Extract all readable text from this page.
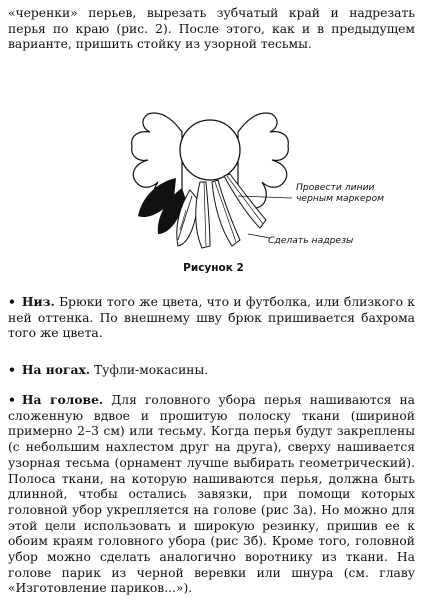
«черенки» перьев, вырезать зубчатый край и надрезать перья по краю (рис. 2). После этого, как и в предыдущем варианте, пришить стойку из узорной тесьмы.

Провести линии
черным маркером
Сделать надрезы
Рисунок 2

• Низ. Брюки того же цвета, что и футболка, или близкого к ней оттенка. По внешнему шву брюк пришивается бахрома того же цвета.

• На ногах. Туфли-мокасины.

• На голове. Для головного убора перья нашиваются на сложенную вдвое и прошитую полоску ткани (шириной примерно 2–3 см) или тесьму. Когда перья будут закреплены (с небольшим нахлестом друг на друга), сверху нашивается узорная тесьма (орнамент лучше выбирать геометрический). Полоса ткани, на которую нашиваются перья, должна быть длинной, чтобы остались завязки, при помощи которых головной убор укрепляется на голове (рис 3а). Но можно для этой цели использовать и широкую резинку, пришив ее к обоим краям головного убора (рис 3б). Кроме того, головной убор можно сделать аналогично воротнику из ткани. На голове парик из черной веревки или шнура (см. главу «Изготовление париков...»).
